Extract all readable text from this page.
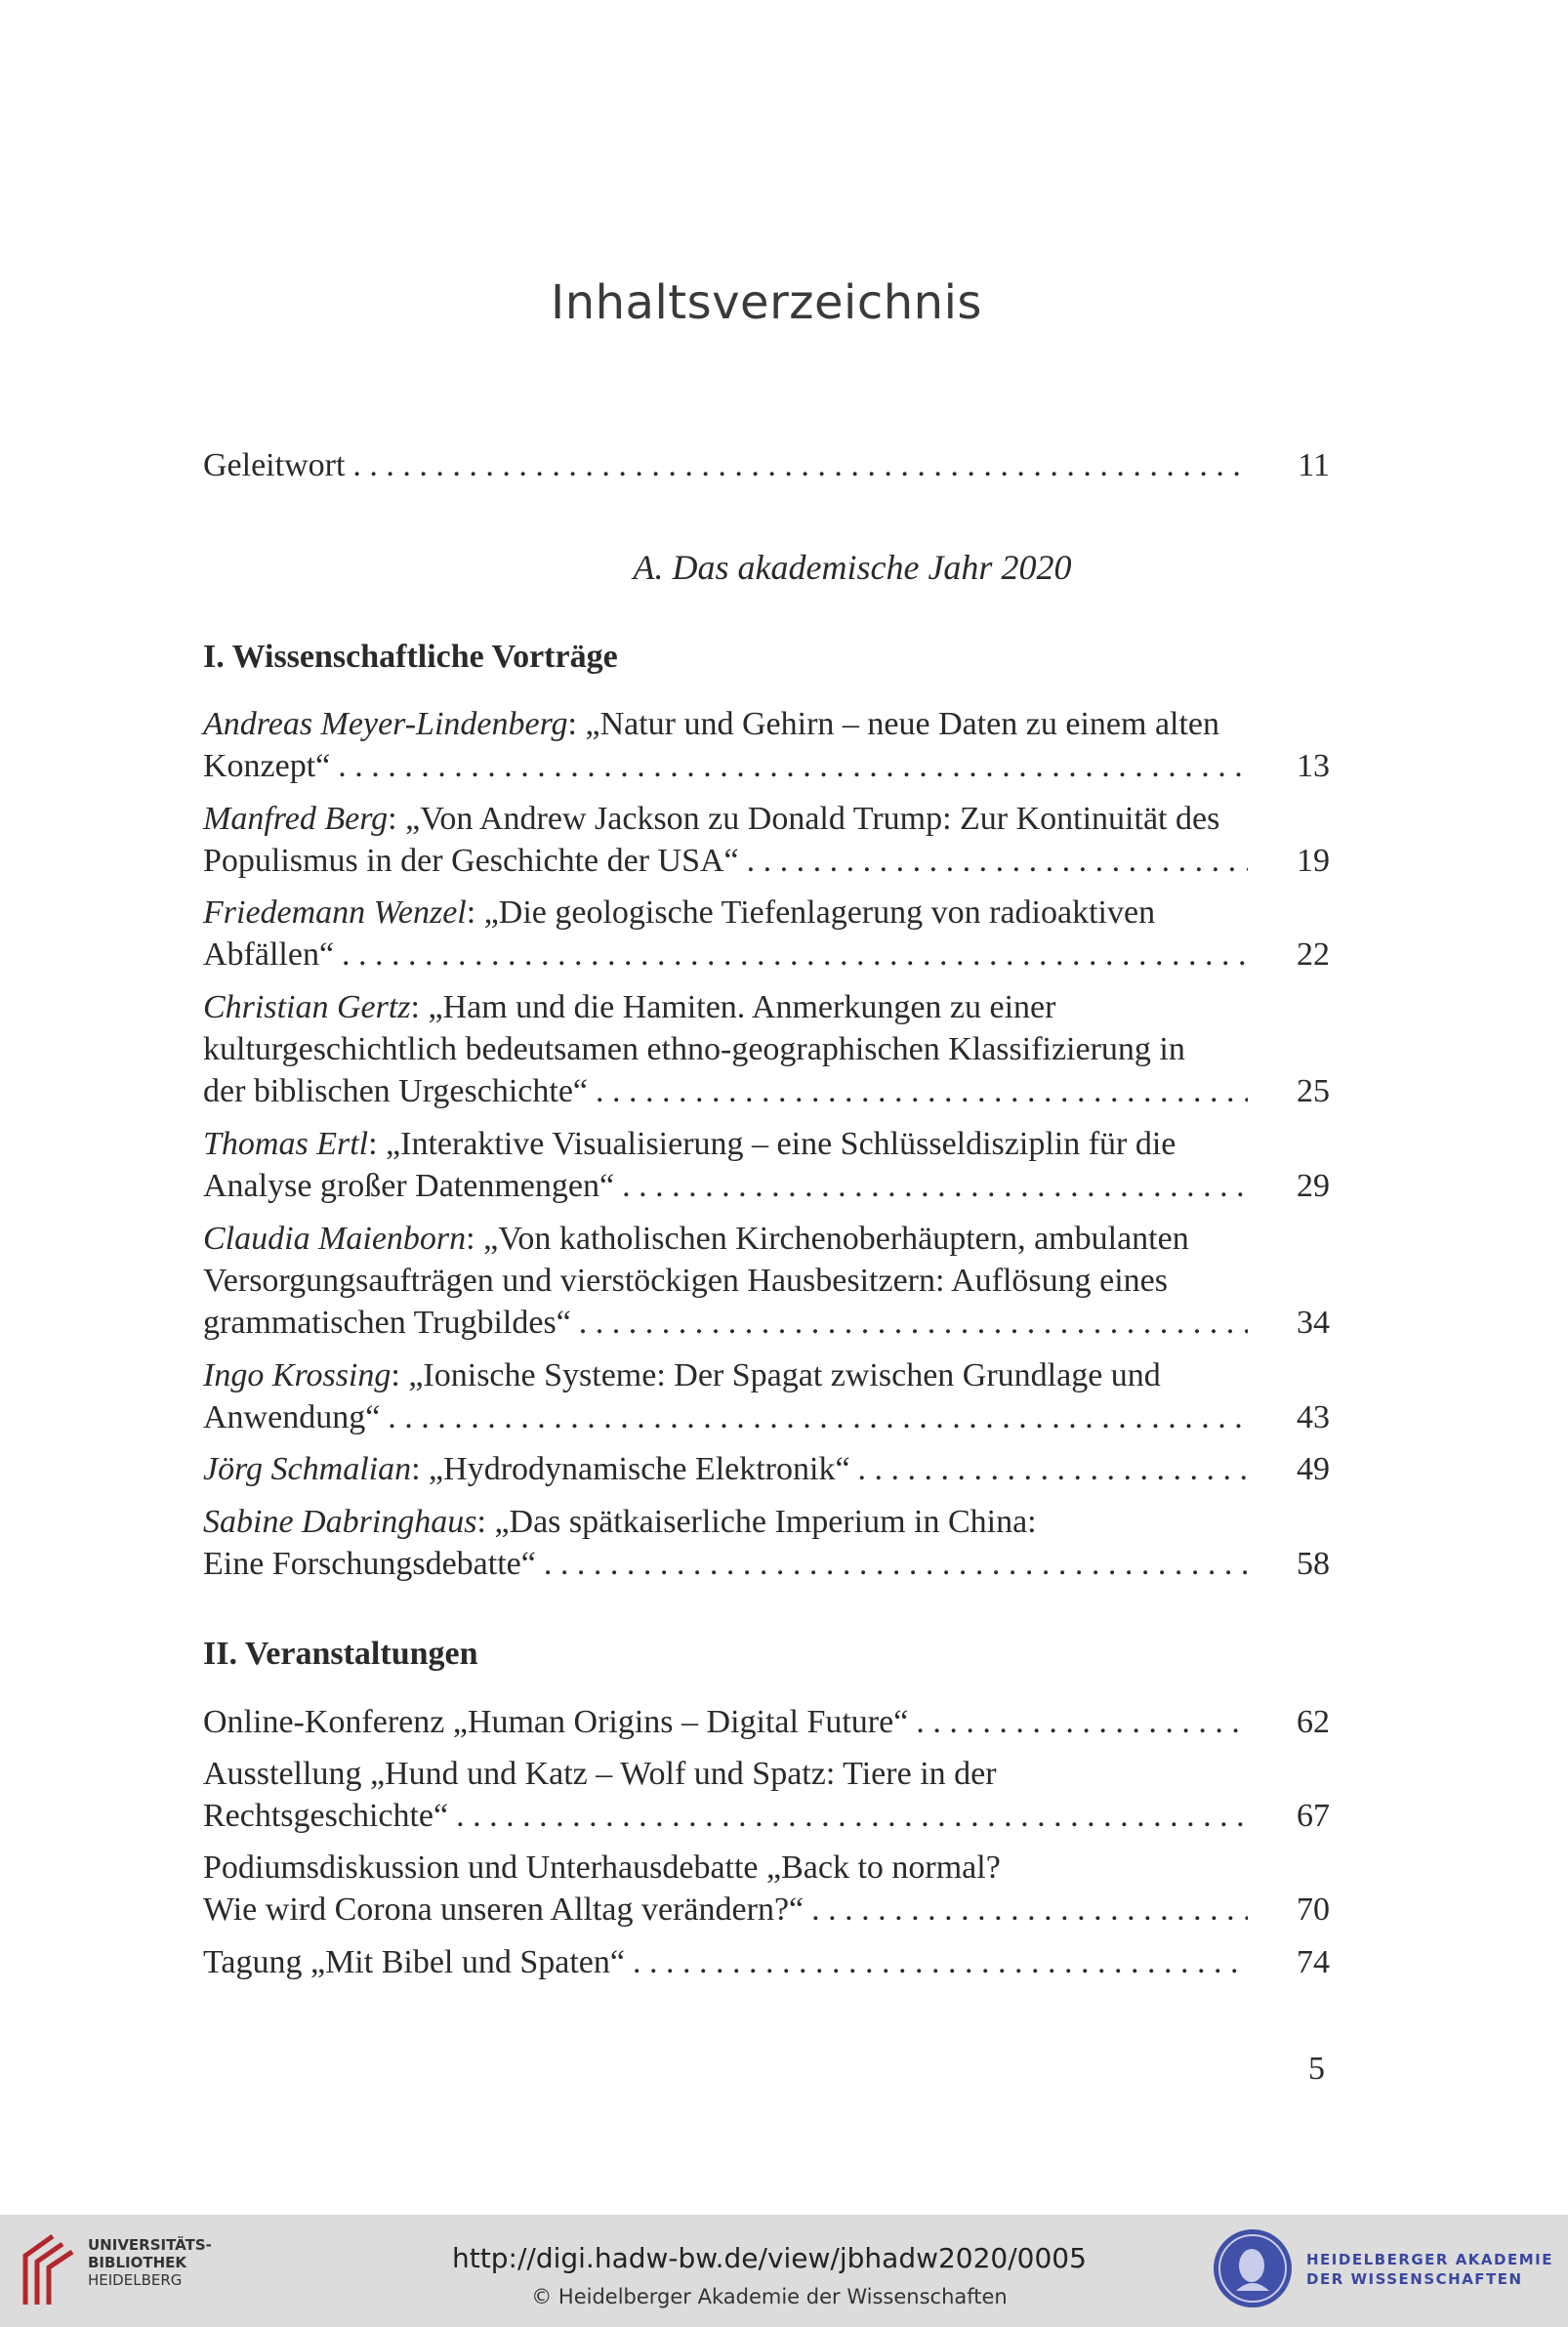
Inhaltsverzeichnis
Geleitwort . . .	11
A. Das akademische Jahr 2020
I. Wissenschaftliche Vorträge
Andreas Meyer-Lindenberg: „Natur und Gehirn – neue Daten zu einem alten
Konzept“ . . .	13
Manfred Berg: „Von Andrew Jackson zu Donald Trump: Zur Kontinuität des
Populismus in der Geschichte der USA“ . . .	19
Friedemann Wenzel: „Die geologische Tiefenlagerung von radioaktiven
Abfällen“ . . .	22
Christian Gertz: „Ham und die Hamiten. Anmerkungen zu einer
kulturgeschichtlich bedeutsamen ethno-geographischen Klassifizierung in
der biblischen Urgeschichte“ . . .	25
Thomas Ertl: „Interaktive Visualisierung – eine Schlüsseldisziplin für die
Analyse großer Datenmengen“ . . .	29
Claudia Maienborn: „Von katholischen Kirchenoberhäuptern, ambulanten
Versorgungsaufträgen und vierstöckigen Hausbesitzern: Auflösung eines
grammatischen Trugbildes“ . . .	34
Ingo Krossing: „Ionische Systeme: Der Spagat zwischen Grundlage und
Anwendung“ . . .	43
Jörg Schmalian: „Hydrodynamische Elektronik“ . . .	49
Sabine Dabringhaus: „Das spätkaiserliche Imperium in China:
Eine Forschungsdebatte“ . . .	58
II. Veranstaltungen
Online-Konferenz „Human Origins – Digital Future“ . . .	62
Ausstellung „Hund und Katz – Wolf und Spatz: Tiere in der
Rechtsgeschichte“ . . .	67
Podiumsdiskussion und Unterhausdebatte „Back to normal?
Wie wird Corona unseren Alltag verändern?“ . . .	70
Tagung „Mit Bibel und Spaten“ . . .	74
5
UNIVERSITÄTS-
BIBLIOTHEK
HEIDELBERG
http://digi.hadw-bw.de/view/jbhadw2020/0005
© Heidelberger Akademie der Wissenschaften
HEIDELBERGER AKADEMIE
DER WISSENSCHAFTEN
